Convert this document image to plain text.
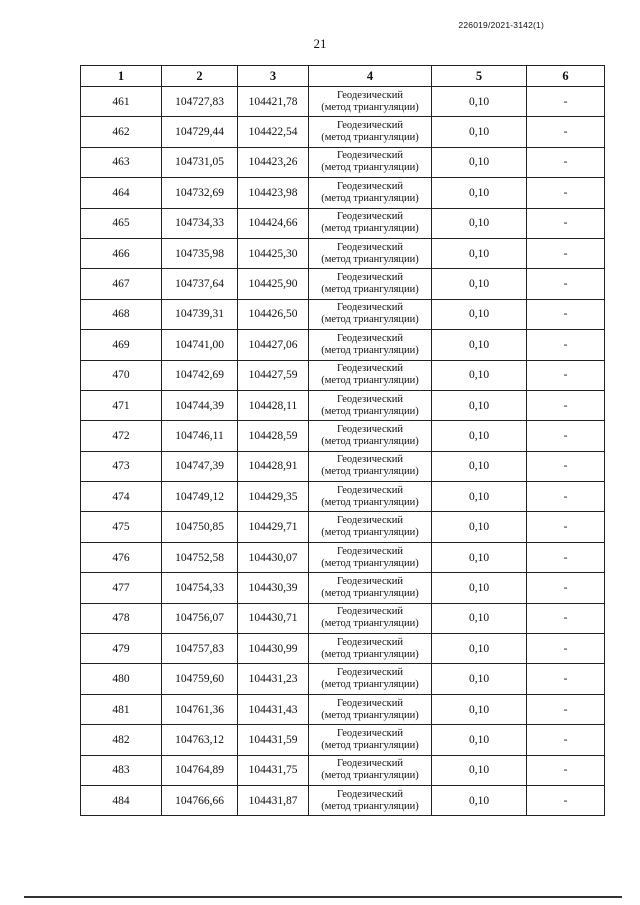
226019/2021-3142(1)
21
1	2	3	4	5	6
461	104727,83	104421,78	Геодезический
(метод триангуляции)	0,10	-
462	104729,44	104422,54	Геодезический
(метод триангуляции)	0,10	-
463	104731,05	104423,26	Геодезический
(метод триангуляции)	0,10	-
464	104732,69	104423,98	Геодезический
(метод триангуляции)	0,10	-
465	104734,33	104424,66	Геодезический
(метод триангуляции)	0,10	-
466	104735,98	104425,30	Геодезический
(метод триангуляции)	0,10	-
467	104737,64	104425,90	Геодезический
(метод триангуляции)	0,10	-
468	104739,31	104426,50	Геодезический
(метод триангуляции)	0,10	-
469	104741,00	104427,06	Геодезический
(метод триангуляции)	0,10	-
470	104742,69	104427,59	Геодезический
(метод триангуляции)	0,10	-
471	104744,39	104428,11	Геодезический
(метод триангуляции)	0,10	-
472	104746,11	104428,59	Геодезический
(метод триангуляции)	0,10	-
473	104747,39	104428,91	Геодезический
(метод триангуляции)	0,10	-
474	104749,12	104429,35	Геодезический
(метод триангуляции)	0,10	-
475	104750,85	104429,71	Геодезический
(метод триангуляции)	0,10	-
476	104752,58	104430,07	Геодезический
(метод триангуляции)	0,10	-
477	104754,33	104430,39	Геодезический
(метод триангуляции)	0,10	-
478	104756,07	104430,71	Геодезический
(метод триангуляции)	0,10	-
479	104757,83	104430,99	Геодезический
(метод триангуляции)	0,10	-
480	104759,60	104431,23	Геодезический
(метод триангуляции)	0,10	-
481	104761,36	104431,43	Геодезический
(метод триангуляции)	0,10	-
482	104763,12	104431,59	Геодезический
(метод триангуляции)	0,10	-
483	104764,89	104431,75	Геодезический
(метод триангуляции)	0,10	-
484	104766,66	104431,87	Геодезический
(метод триангуляции)	0,10	-
